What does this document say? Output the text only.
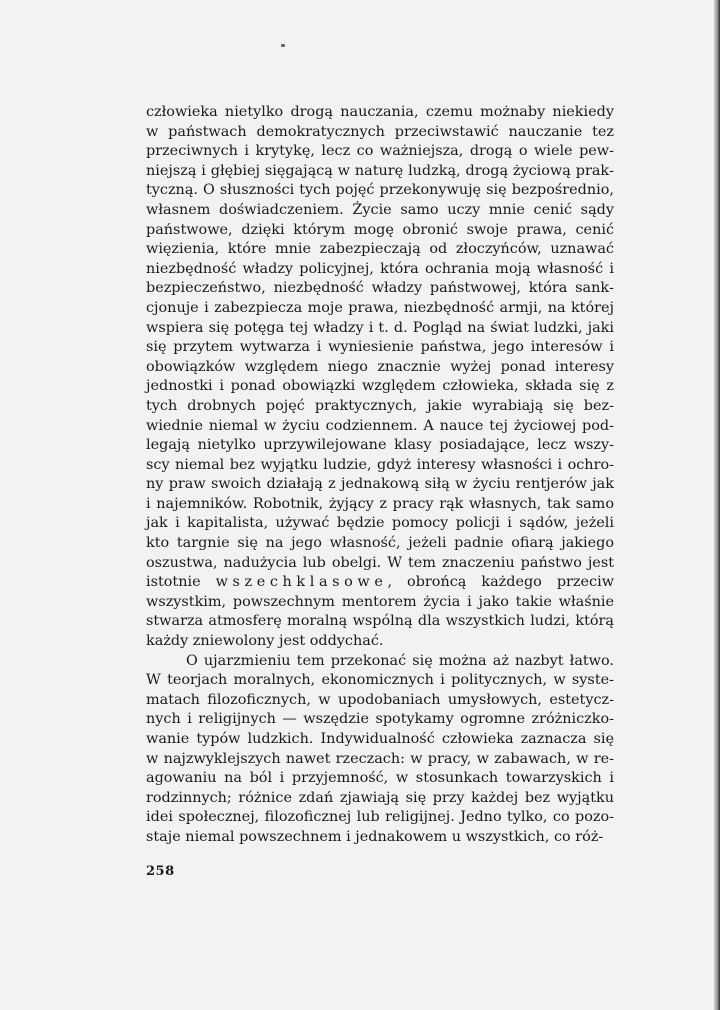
człowieka nietylko drogą nauczania, czemu możnaby niekiedy w państwach demokratycznych przeciwstawić nauczanie tez przeciwnych i krytykę, lecz co ważniejsza, drogą o wiele pewniejszą i głębiej sięgającą w naturę ludzką, drogą życiową praktyczną. O słuszności tych pojęć przekonywuję się bezpośrednio, własnem doświadczeniem. Życie samo uczy mnie cenić sądy państwowe, dzięki którym mogę obronić swoje prawa, cenić więzienia, które mnie zabezpieczają od złoczyńców, uznawać niezbędność władzy policyjnej, która ochrania moją własność i bezpieczeństwo, niezbędność władzy państwowej, która sankcjonuje i zabezpiecza moje prawa, niezbędność armji, na której wspiera się potęga tej władzy i t. d. Pogląd na świat ludzki, jaki się przytem wytwarza i wyniesienie państwa, jego interesów i obowiązków względem niego znacznie wyżej ponad interesy jednostki i ponad obowiązki względem człowieka, składa się z tych drobnych pojęć praktycznych, jakie wyrabiają się bezwiednie niemal w życiu codziennem. A nauce tej życiowej podlegają nietylko uprzywilejowane klasy posiadające, lecz wszyscy niemal bez wyjątku ludzie, gdyż interesy własności i ochrony praw swoich działają z jednakową siłą w życiu rentjerów jak i najemników. Robotnik, żyjący z pracy rąk własnych, tak samo jak i kapitalista, używać będzie pomocy policji i sądów, jeżeli kto targnie się na jego własność, jeżeli padnie ofiarą jakiego oszustwa, nadużycia lub obelgi. W tem znaczeniu państwo jest istotnie wszechklasowe, obrońcą każdego przeciw wszystkim, powszechnym mentorem życia i jako takie właśnie stwarza atmosferę moralną wspólną dla wszystkich ludzi, którą każdy zniewolony jest oddychać.

O ujarzmieniu tem przekonać się można aż nazbyt łatwo. W teorjach moralnych, ekonomicznych i politycznych, w systematach filozoficznych, w upodobaniach umysłowych, estetycznych i religijnych — wszędzie spotykamy ogromne zróżniczkowanie typów ludzkich. Indywidualność człowieka zaznacza się w najzwyklejszych nawet rzeczach: w pracy, w zabawach, w reagowaniu na ból i przyjemność, w stosunkach towarzyskich i rodzinnych; różnice zdań zjawiają się przy każdej bez wyjątku idei społecznej, filozoficznej lub religijnej. Jedno tylko, co pozostaje niemal powszechnem i jednakowem u wszystkich, co róż-

258
